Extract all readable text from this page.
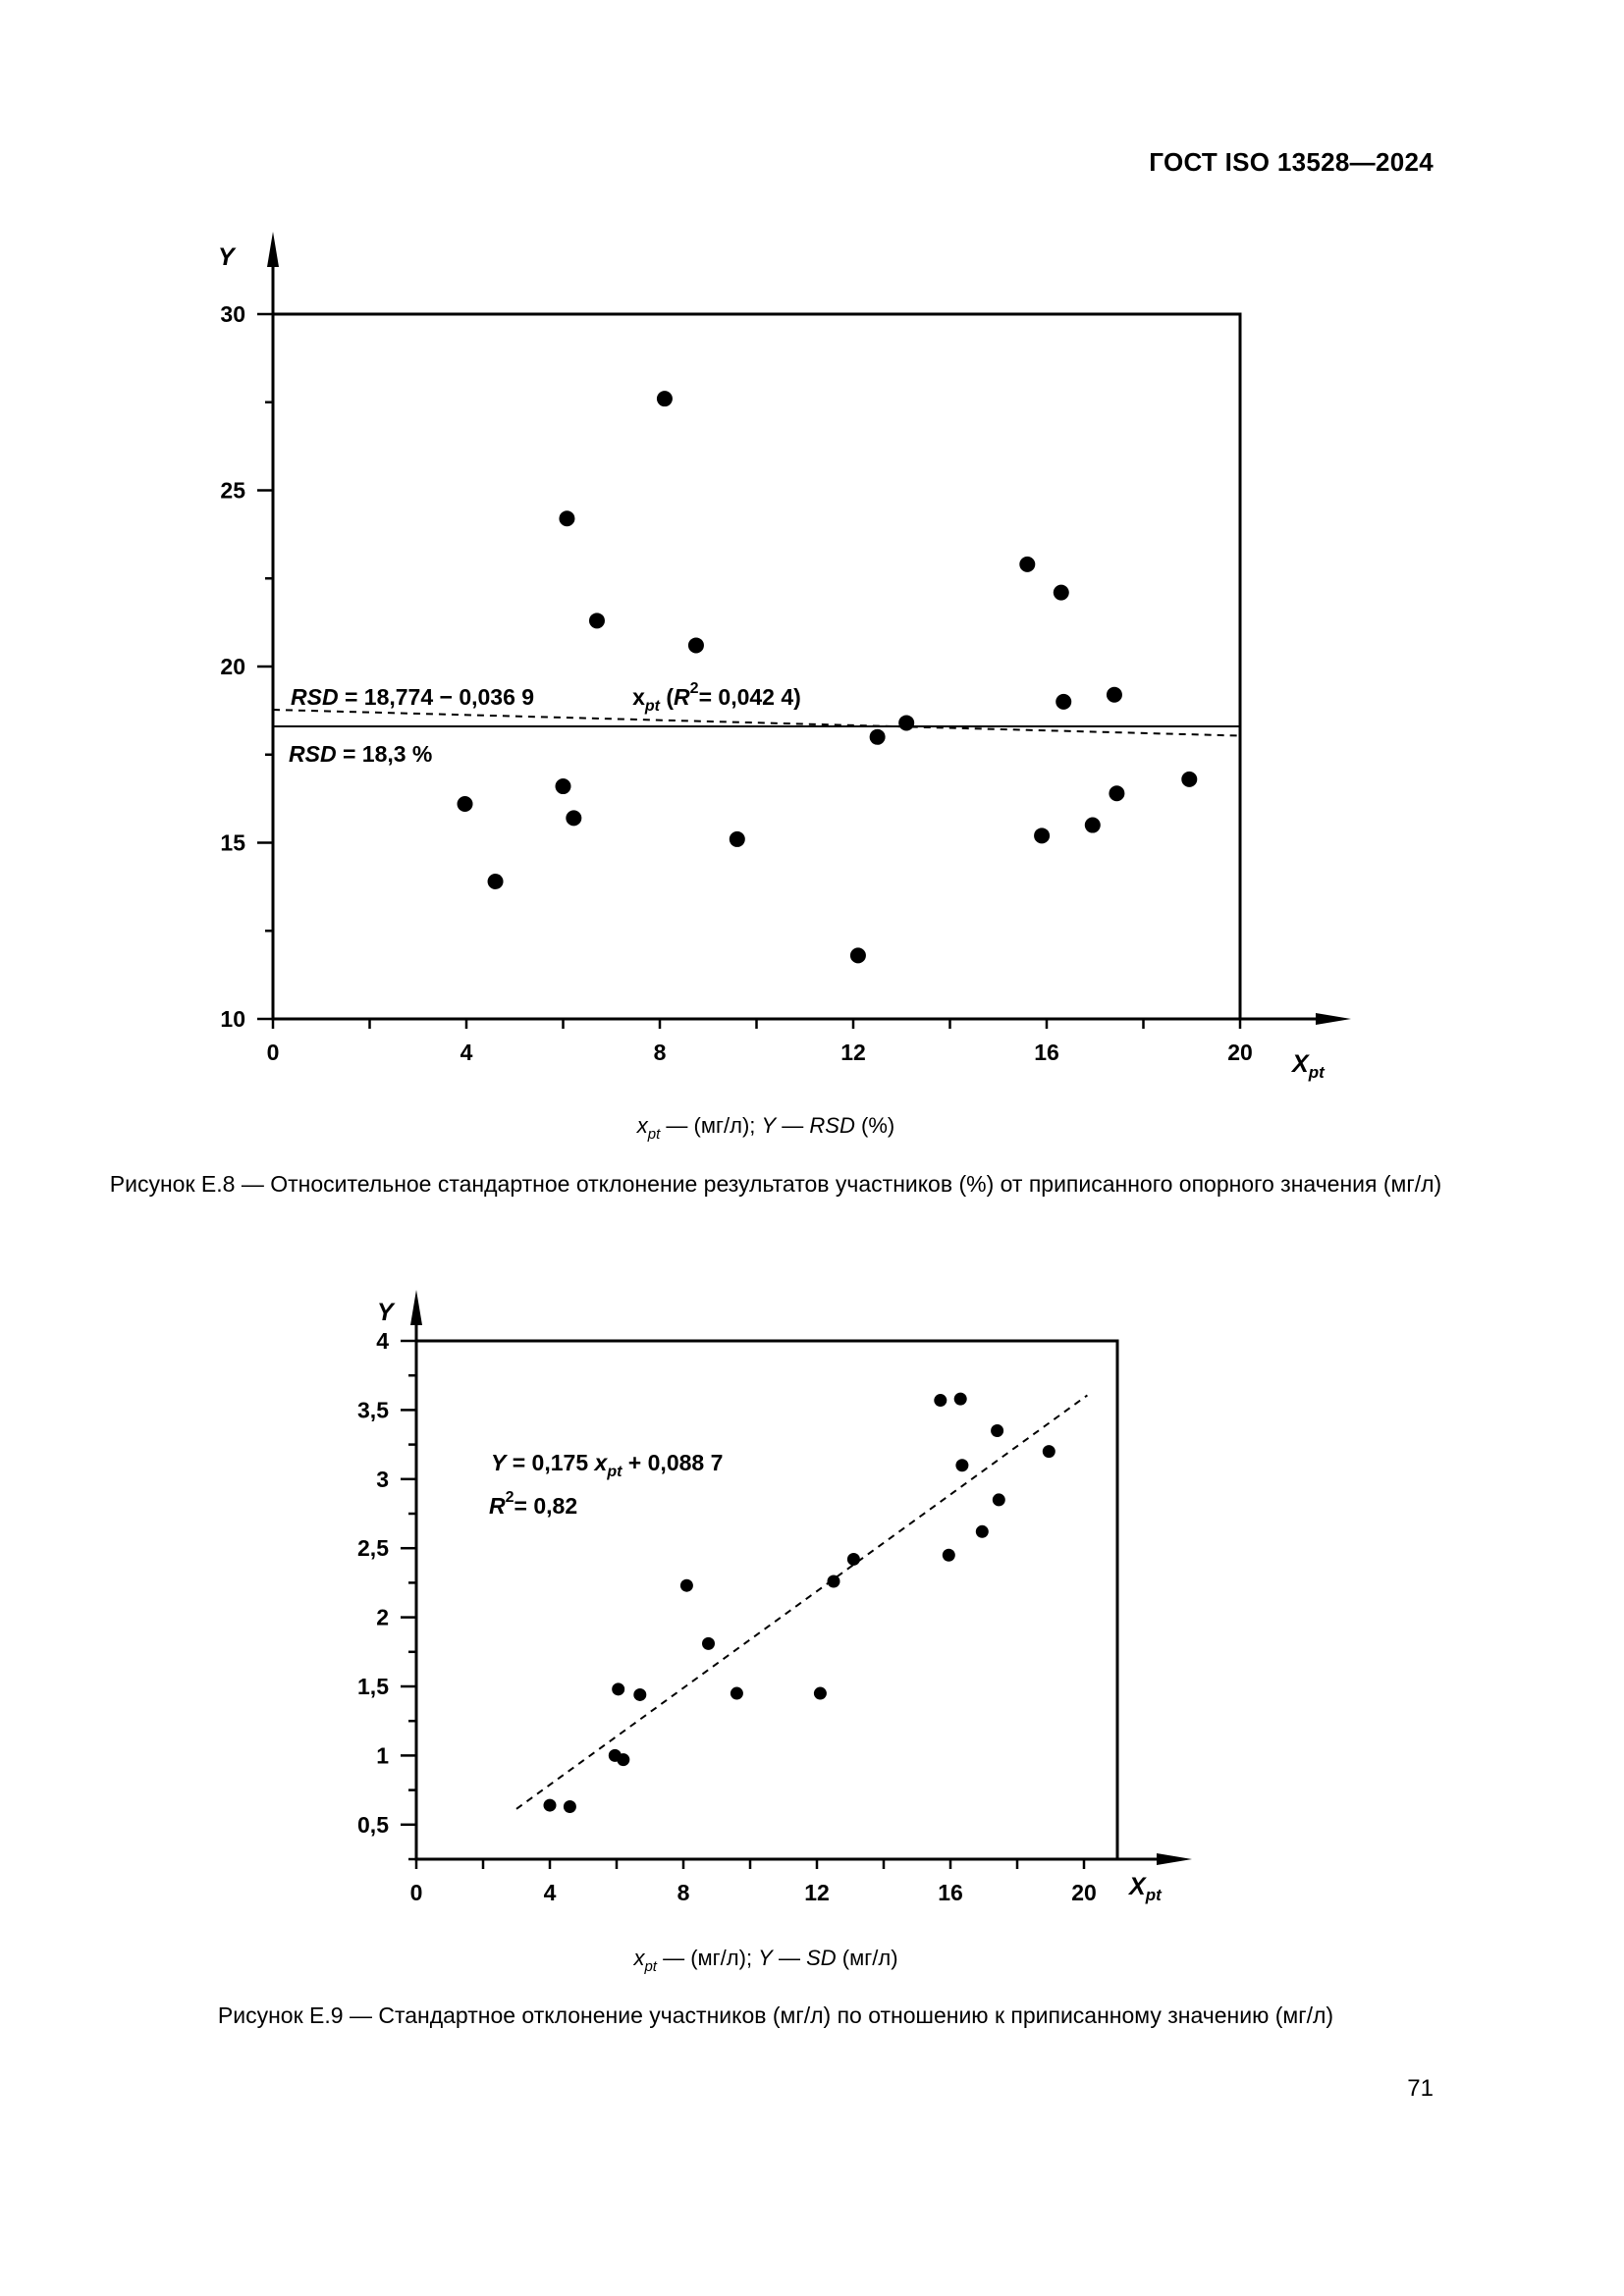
ГОСТ ISO 13528—2024
10
15
20
25
30
0	4	8	12	16	20
Y
$X_{pt}$
RSD = 18,774 − 0,036 9	$x_{pt}$ ($R^2= 0,042$ 4)
RSD = 18,3 %
$x_{pt}$ — (мг/л); Y — RSD (%)
Рисунок Е.8 — Относительное стандартное отклонение результатов участников (%) от приписанного опорного значения (мг/л)
0,5
1
1,5
2
2,5
3
3,5
4
0	4	8	12	16	20
Y
$X_{pt}$
Y = 0,175 $x_{pt} + 0,088$ 7
$R^2= 0,82$
$x_{pt}$ — (мг/л); Y — SD (мг/л)
Рисунок Е.9 — Стандартное отклонение участников (мг/л) по отношению к приписанному значению (мг/л)
71
